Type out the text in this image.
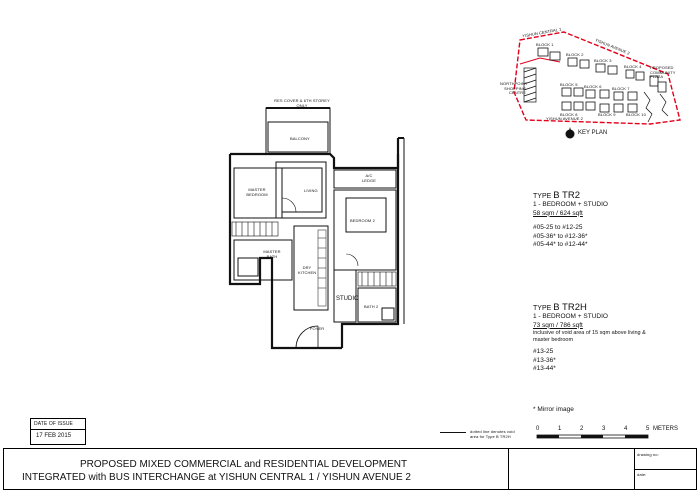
YISHUN CENTRAL 1
YISHUN AVENUE 2
PROPOSED COMMUNITY PLAZA
NORTHPOINT SHOPPING CENTRE
YISHUN AVENUE 2
BLOCK 1
BLOCK 2
BLOCK 3
BLOCK 4
BLOCK 5 BLOCK 6	BLOCK 7
BLOCK 8	BLOCK 9	BLOCK 10
KEY PLAN
RES COVER & 6TH STOREY ONLY
BALCONY
MASTER BEDROOM
LIVING
A/C LEDGE
BEDROOM 2
MASTER BATH
DRY KITCHEN
STUDIO
BATH 2
FOYER
TYPE B TR2
1 - BEDROOM + STUDIO
58 sqm / 624 sqft
#05-25 to #12-25
#05-36* to #12-36*
#05-44* to #12-44*
TYPE B TR2H
1 - BEDROOM + STUDIO
73 sqm / 786 sqft
inclusive of void area of 15 sqm above living & master bedroom
#13-25
#13-36*
#13-44*
* Mirror image
dotted line denotes void area for Type B TR2H
0	1	2	3	4	5 METERS
DATE OF ISSUE
17 FEB 2015
PROPOSED MIXED COMMERCIAL and RESIDENTIAL DEVELOPMENT
INTEGRATED with BUS INTERCHANGE at YISHUN CENTRAL 1 / YISHUN AVENUE 2
drawing no:
date:
